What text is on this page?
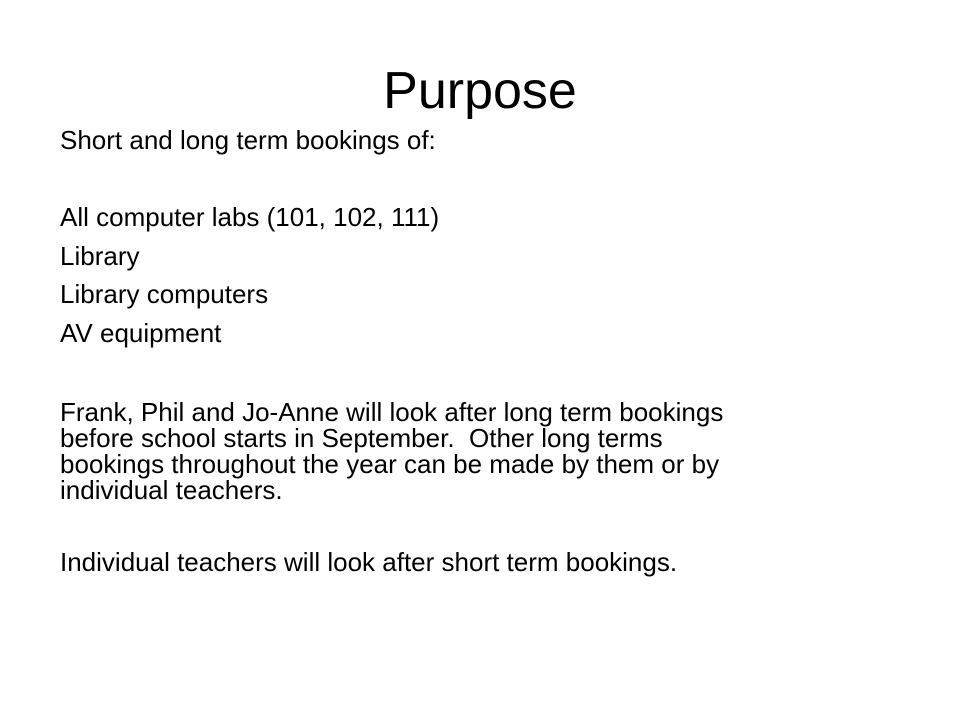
Purpose

Short and long term bookings of:

All computer labs (101, 102, 111)

Library

Library computers

AV equipment

Frank, Phil and Jo-Anne will look after long term bookings
before school starts in September.  Other long terms
bookings throughout the year can be made by them or by
individual teachers.

Individual teachers will look after short term bookings.
